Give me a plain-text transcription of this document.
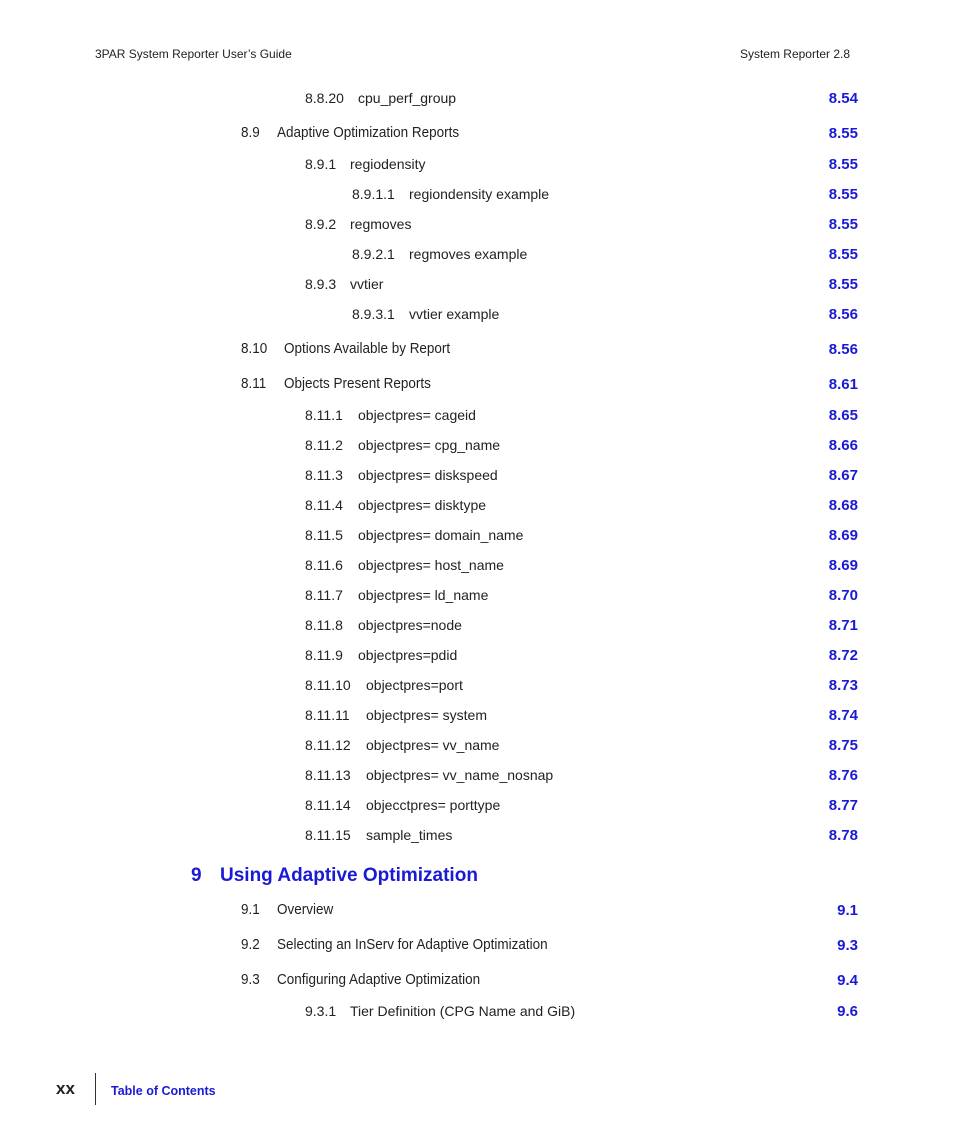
3PAR System Reporter User’s Guide	System Reporter 2.8
8.8.20 cpu_perf_group	8.54
8.9 Adaptive Optimization Reports	8.55
8.9.1 regiodensity	8.55
8.9.1.1 regiondensity example	8.55
8.9.2 regmoves	8.55
8.9.2.1 regmoves example	8.55
8.9.3 vvtier	8.55
8.9.3.1 vvtier example	8.56
8.10 Options Available by Report	8.56
8.11 Objects Present Reports	8.61
8.11.1 objectpres= cageid	8.65
8.11.2 objectpres= cpg_name	8.66
8.11.3 objectpres= diskspeed	8.67
8.11.4 objectpres= disktype	8.68
8.11.5 objectpres= domain_name	8.69
8.11.6 objectpres= host_name	8.69
8.11.7 objectpres= ld_name	8.70
8.11.8 objectpres=node	8.71
8.11.9 objectpres=pdid	8.72
8.11.10 objectpres=port	8.73
8.11.11 objectpres= system	8.74
8.11.12 objectpres= vv_name	8.75
8.11.13 objectpres= vv_name_nosnap	8.76
8.11.14 objecctpres= porttype	8.77
8.11.15 sample_times	8.78
9 Using Adaptive Optimization
9.1 Overview	9.1
9.2 Selecting an InServ for Adaptive Optimization	9.3
9.3 Configuring Adaptive Optimization	9.4
9.3.1 Tier Definition (CPG Name and GiB)	9.6
xx	Table of Contents
